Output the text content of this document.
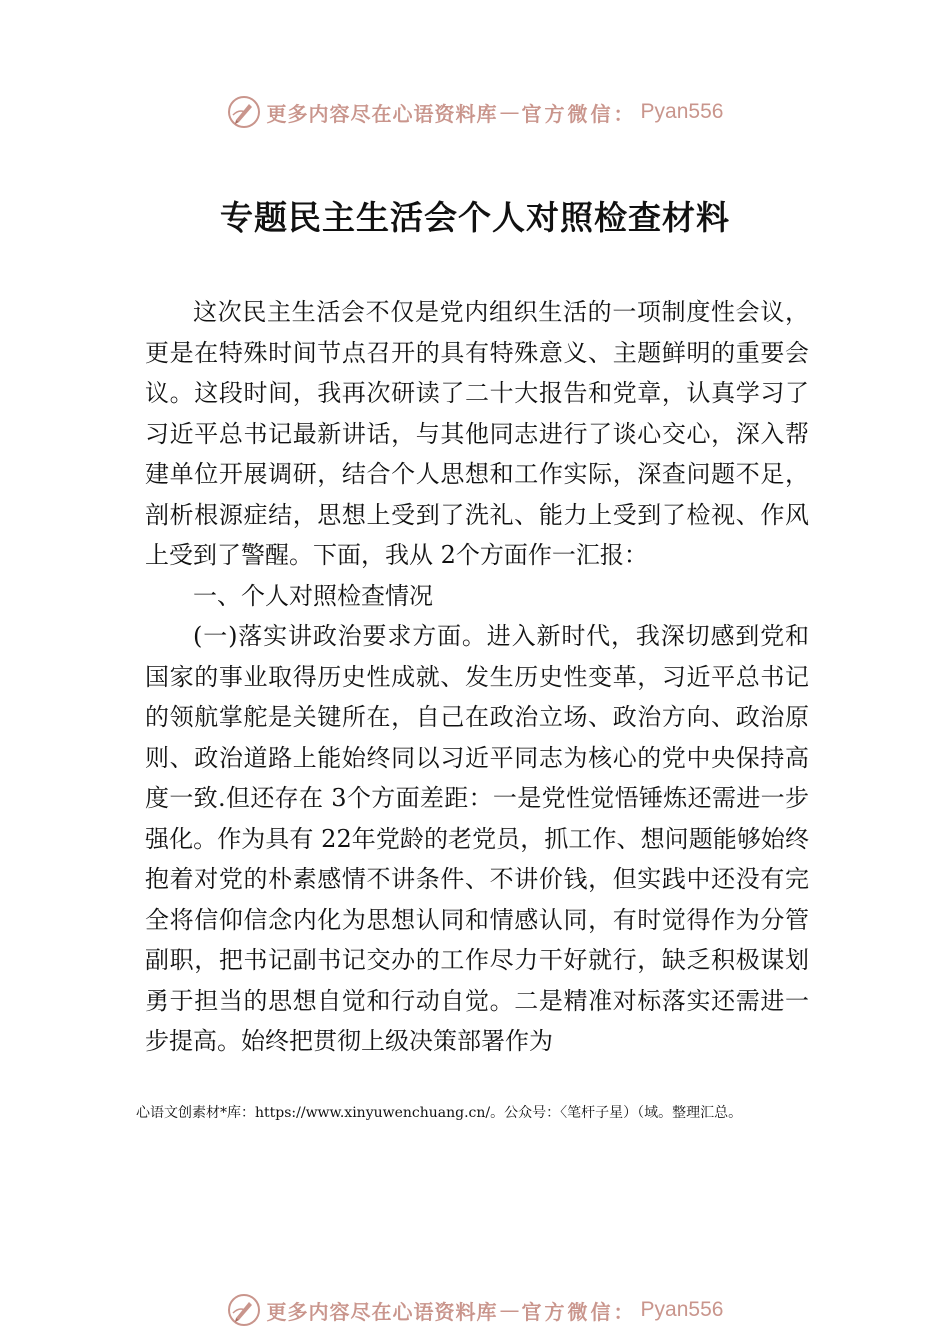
更多内容尽在心语资料库 — 官方微信： Pyan556
专题民主生活会个人对照检查材料

这次民主生活会不仅是党内组织生活的一项制度性会议，更是在特殊时间节点召开的具有特殊意义、主题鲜明的重要会议。这段时间，我再次研读了二十大报告和党章，认真学习了习近平总书记最新讲话，与其他同志进行了谈心交心，深入帮建单位开展调研，结合个人思想和工作实际，深查问题不足，剖析根源症结，思想上受到了洗礼、能力上受到了检视、作风上受到了警醒。下面，我从 2个方面作一汇报：

一、个人对照检查情况

(一)落实讲政治要求方面。进入新时代，我深切感到党和 国家的事业取得历史性成就、发生历史性变革，习近平总书记的领航掌舵是关键所在，自己在政治立场、政治方向、政治原则、政治道路上能始终同以习近平同志为核心的党中央保持高度一致.但还存在 3个方面差距：一是党性觉悟锤炼还需进一步强化。作为具有 22年党龄的老党员，抓工作、想问题能够始终抱着对党的朴素感情不讲条件、不讲价钱，但实践中还没有完全将信仰信念内化为思想认同和情感认同，有时觉得作为分管副职，把书记副书记交办的工作尽力干好就行，缺乏积极谋划勇于担当的思想自觉和行动自觉。二是精准对标落实还需进一步提高。始终把贯彻上级决策部署作为

心语文创素材*库：https://www.xinyuwenchuang.cn/。公众号：〈笔杆子星）（域。整理汇总。
更多内容尽在心语资料库 — 官方微信： Pyan556
